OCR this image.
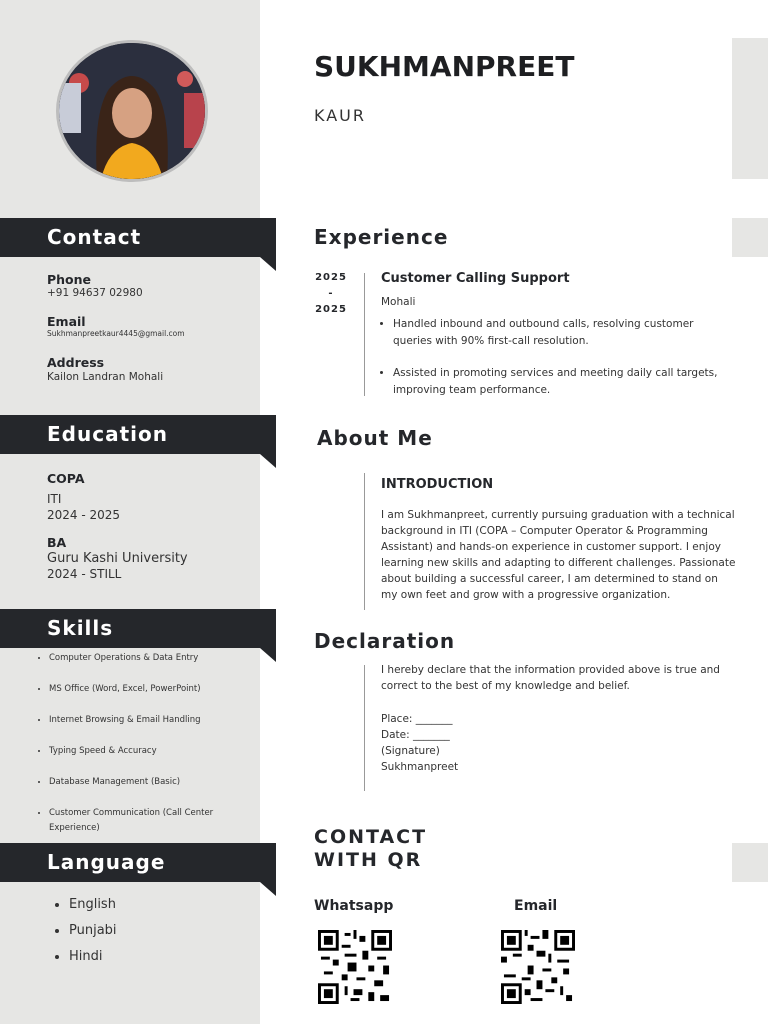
Contact
Phone
+91 94637 02980
Email
Sukhmanpreetkaur4445@gmail.com
Address
Kailon Landran Mohali
Education
COPA
ITI
2024 - 2025
BA
Guru Kashi University
2024 - STILL
Skills
• Computer Operations & Data Entry
• MS Office (Word, Excel, PowerPoint)
• Internet Browsing & Email Handling
• Typing Speed & Accuracy
• Database Management (Basic)
• Customer Communication (Call Center Experience)
Language
• English
• Punjabi
• Hindi
SUKHMANPREET
KAUR
Experience
2025
-
2025
Customer Calling Support
Mohali
• Handled inbound and outbound calls, resolving customer queries with 90% first-call resolution.
• Assisted in promoting services and meeting daily call targets, improving team performance.
About Me
INTRODUCTION
I am Sukhmanpreet, currently pursuing graduation with a technical background in ITI (COPA – Computer Operator & Programming Assistant) and hands-on experience in customer support. I enjoy learning new skills and adapting to different challenges. Passionate about building a successful career, I am determined to stand on my own feet and grow with a progressive organization.
Declaration
I hereby declare that the information provided above is true and correct to the best of my knowledge and belief.
Place: _______
Date: _______
(Signature)
Sukhmanpreet
CONTACT
WITH QR
Whatsapp	Email
